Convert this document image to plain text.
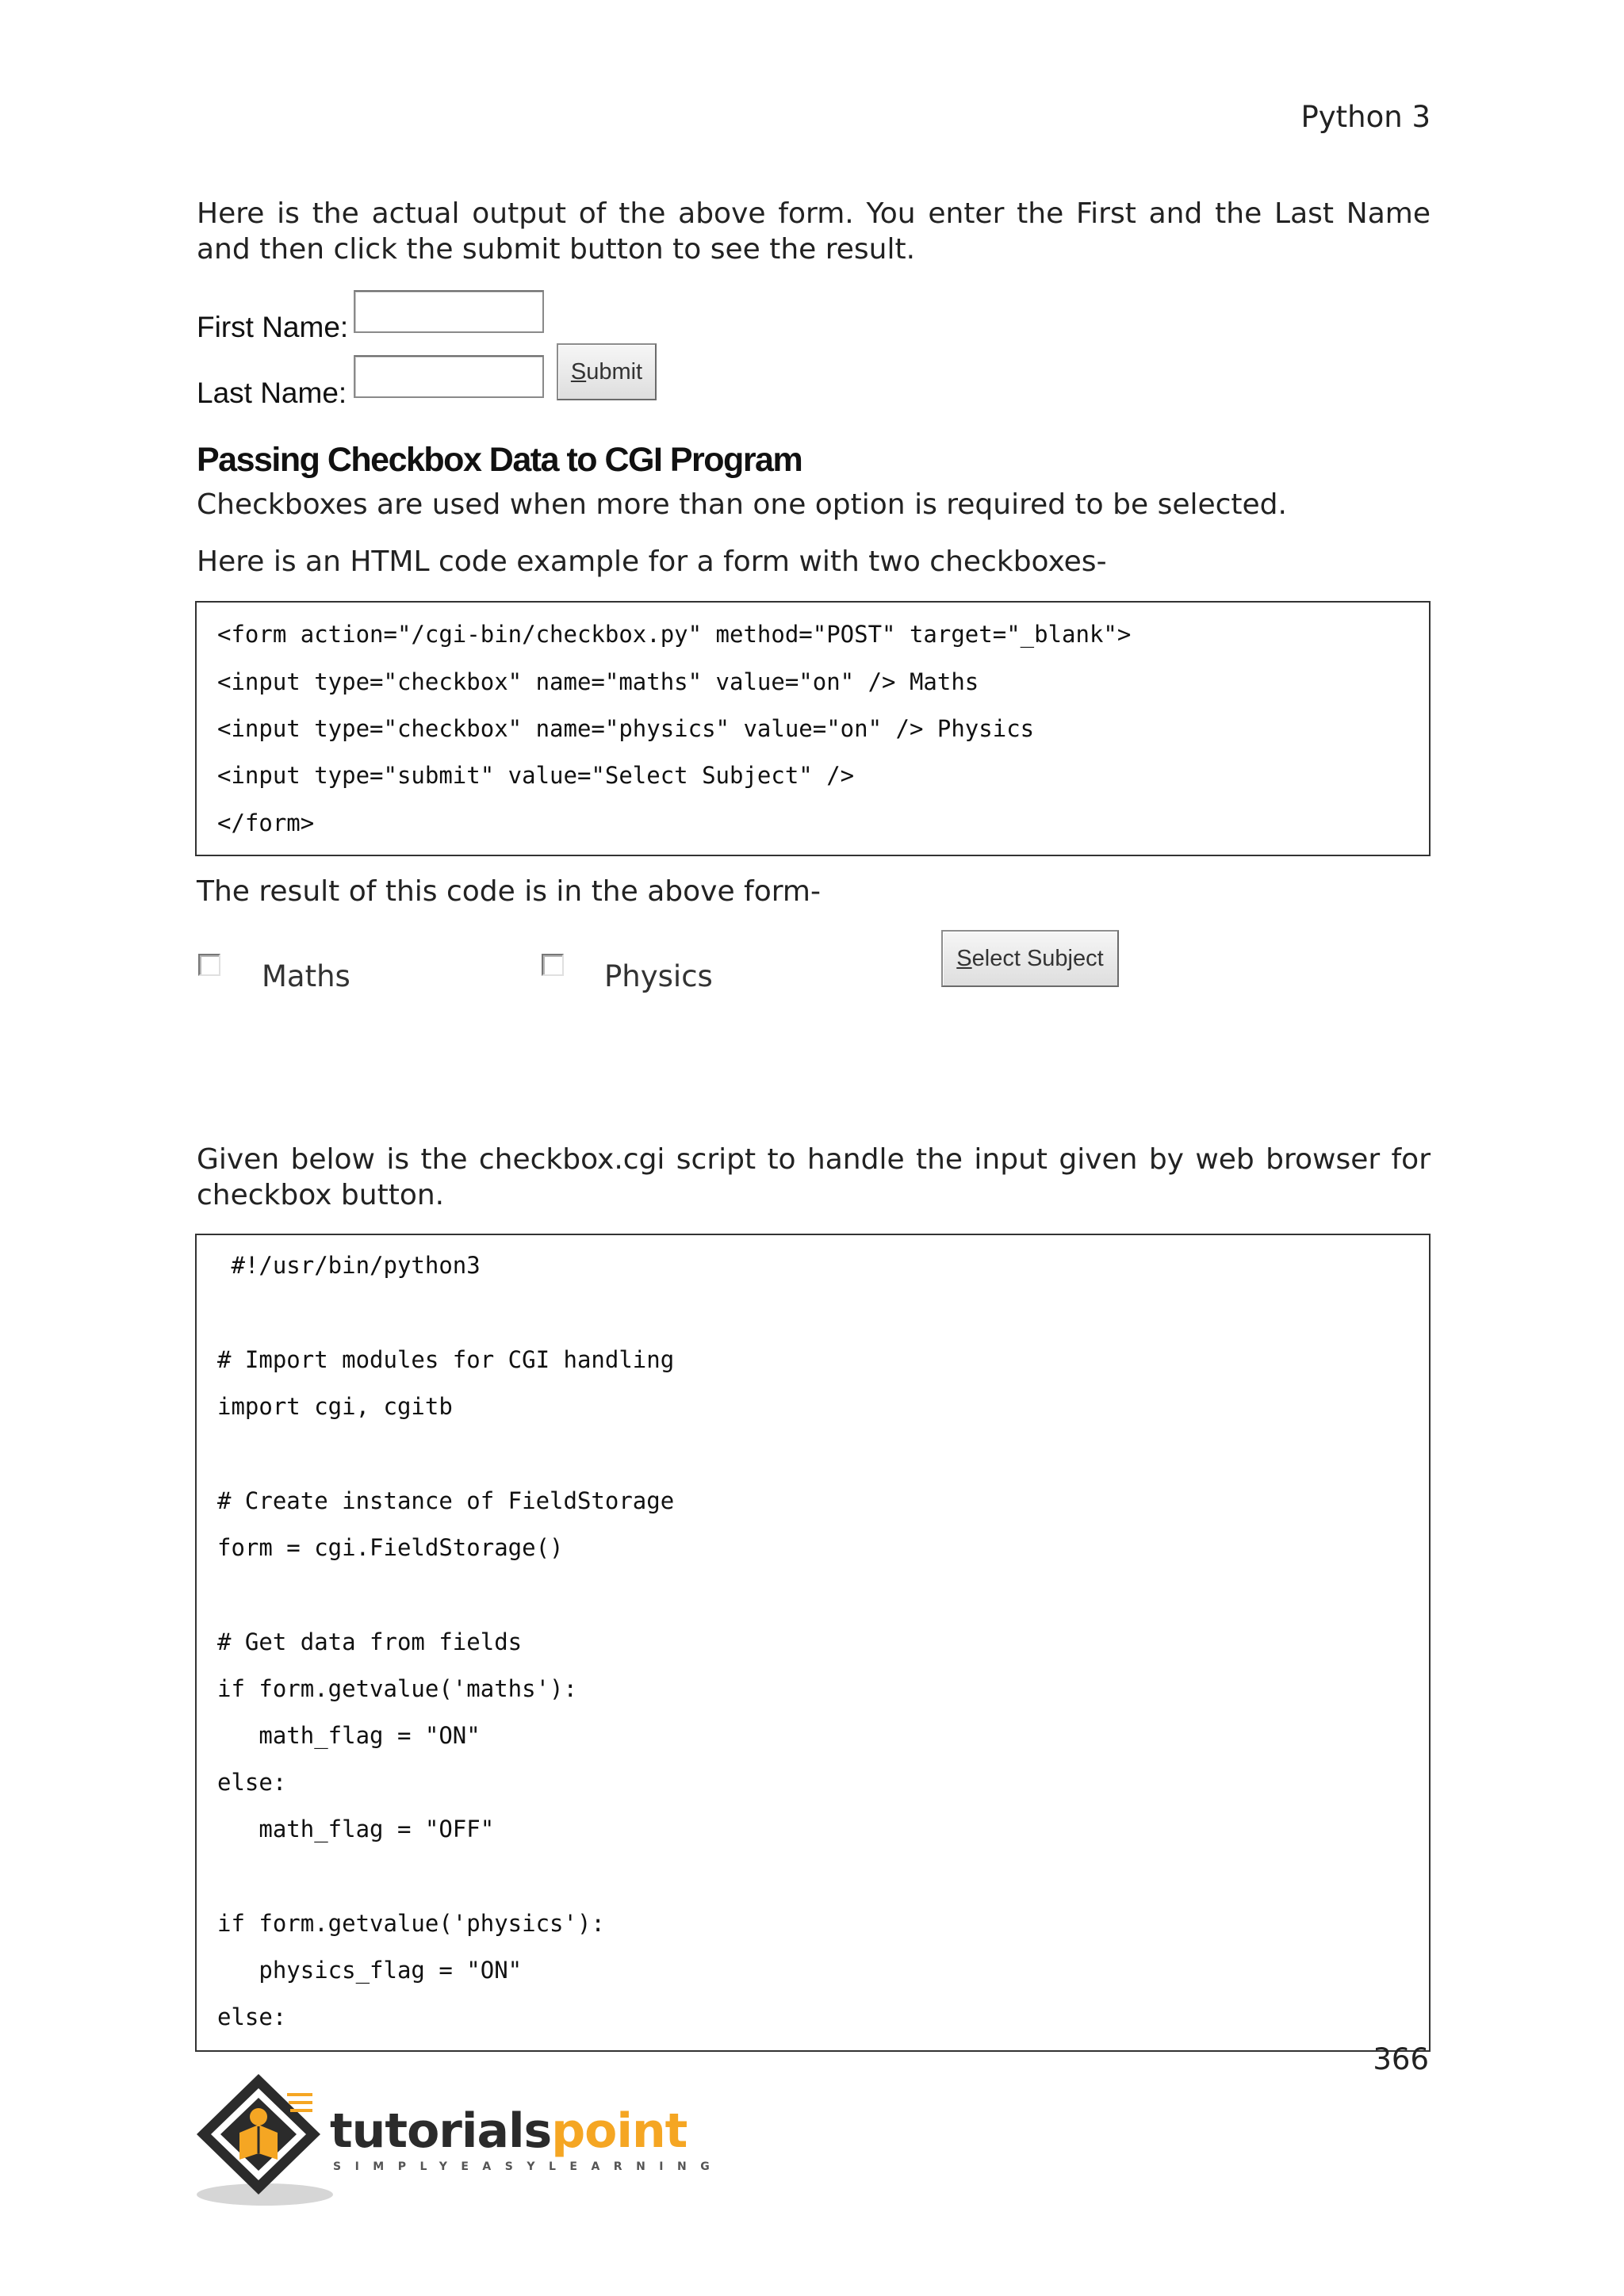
Python 3
Here is the actual output of the above form. You enter the First and the Last Name and then click the submit button to see the result.
First Name:
Last Name:
S ubmit
Passing Checkbox Data to CGI Program
Checkboxes are used when more than one option is required to be selected.
Here is an HTML code example for a form with two checkboxes-
<form action="/cgi-bin/checkbox.py" method="POST" target="_blank">
<input type="checkbox" name="maths" value="on" /> Maths
<input type="checkbox" name="physics" value="on" /> Physics
<input type="submit" value="Select Subject" />
</form>
The result of this code is in the above form-
Maths	Physics
S elect Subject
Given below is the checkbox.cgi script to handle the input given by web browser for checkbox button.
#!/usr/bin/python3
# Import modules for CGI handling
import cgi, cgitb
# Create instance of FieldStorage
form = cgi.FieldStorage()
# Get data from fields
if form.getvalue('maths'):
math_flag = "ON"
else:
math_flag = "OFF"
if form.getvalue('physics'):
physics_flag = "ON"
else:
366
tutorialspoint
SIMPLYEASYLEARNING
